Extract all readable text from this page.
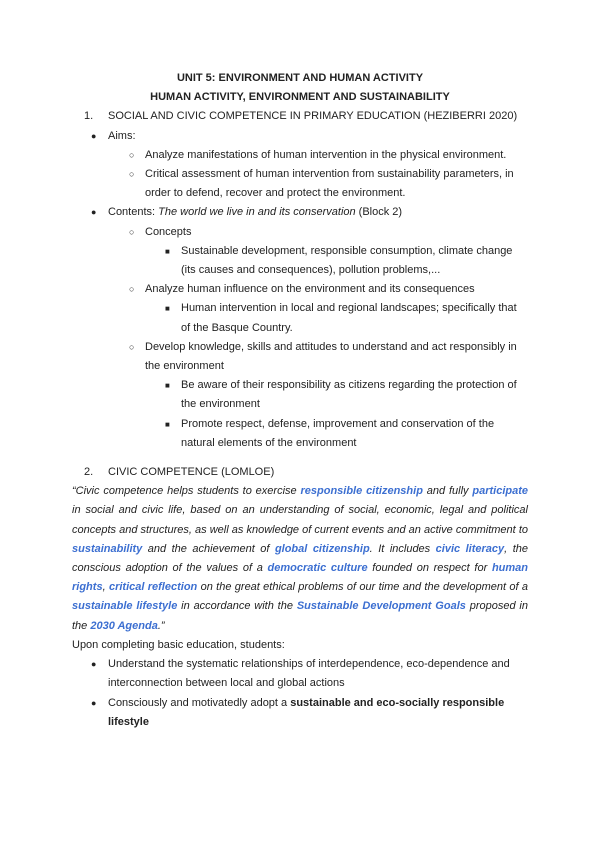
UNIT 5: ENVIRONMENT AND HUMAN ACTIVITY
HUMAN ACTIVITY, ENVIRONMENT AND SUSTAINABILITY
1. SOCIAL AND CIVIC COMPETENCE IN PRIMARY EDUCATION (HEZIBERRI 2020)
● Aims:
○ Analyze manifestations of human intervention in the physical environment.
○ Critical assessment of human intervention from sustainability parameters, in order to defend, recover and protect the environment.
● Contents: The world we live in and its conservation (Block 2)
○ Concepts
■ Sustainable development, responsible consumption, climate change (its causes and consequences), pollution problems,...
○ Analyze human influence on the environment and its consequences
■ Human intervention in local and regional landscapes; specifically that of the Basque Country.
○ Develop knowledge, skills and attitudes to understand and act responsibly in the environment
■ Be aware of their responsibility as citizens regarding the protection of the environment
■ Promote respect, defense, improvement and conservation of the natural elements of the environment
2. CIVIC COMPETENCE (LOMLOE)
“Civic competence helps students to exercise responsible citizenship and fully participate in social and civic life, based on an understanding of social, economic, legal and political concepts and structures, as well as knowledge of current events and an active commitment to sustainability and the achievement of global citizenship. It includes civic literacy, the conscious adoption of the values of a democratic culture founded on respect for human rights, critical reflection on the great ethical problems of our time and the development of a sustainable lifestyle in accordance with the Sustainable Development Goals proposed in the 2030 Agenda.”
Upon completing basic education, students:
● Understand the systematic relationships of interdependence, eco-dependence and interconnection between local and global actions
● Consciously and motivatedly adopt a sustainable and eco-socially responsible lifestyle
